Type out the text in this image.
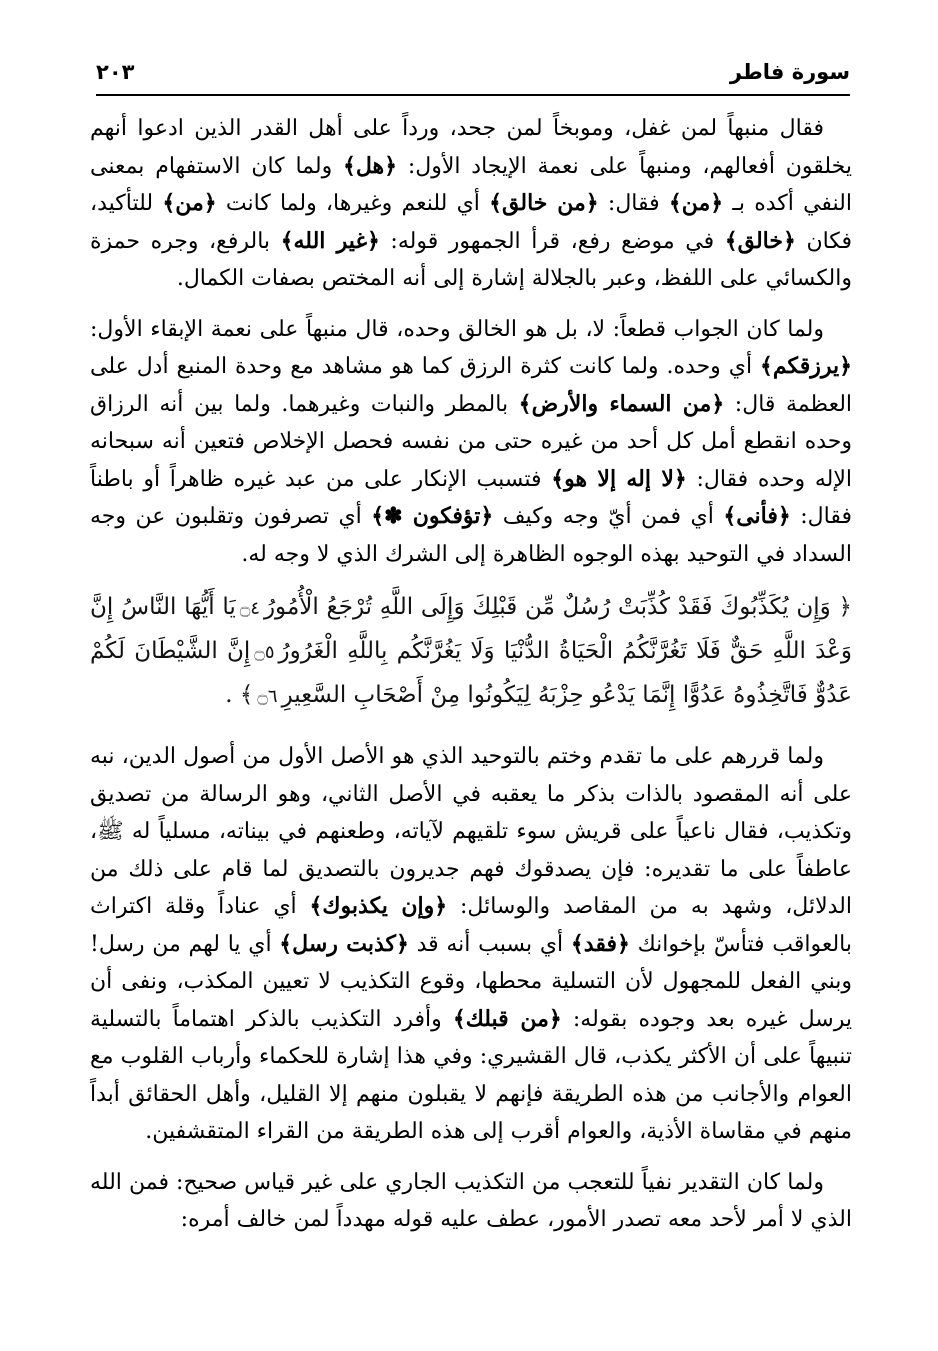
سورة فاطر
٢٠٣

فقال منبهاً لمن غفل، وموبخاً لمن جحد، ورداً على أهل القدر الذين ادعوا أنهم يخلقون أفعالهم، ومنبهاً على نعمة الإيجاد الأول: ﴿هل﴾ ولما كان الاستفهام بمعنى النفي أكده بـ ﴿من﴾ فقال: ﴿من خالق﴾ أي للنعم وغيرها، ولما كانت ﴿من﴾ للتأكيد، فكان ﴿خالق﴾ في موضع رفع، قرأ الجمهور قوله: ﴿غير الله﴾ بالرفع، وجره حمزة والكسائي على اللفظ، وعبر بالجلالة إشارة إلى أنه المختص بصفات الكمال.

ولما كان الجواب قطعاً: لا، بل هو الخالق وحده، قال منبهاً على نعمة الإبقاء الأول: ﴿يرزقكم﴾ أي وحده. ولما كانت كثرة الرزق كما هو مشاهد مع وحدة المنبع أدل على العظمة قال: ﴿من السماء والأرض﴾ بالمطر والنبات وغيرهما. ولما بين أنه الرزاق وحده انقطع أمل كل أحد من غيره حتى من نفسه فحصل الإخلاص فتعين أنه سبحانه الإله وحده فقال: ﴿لا إله إلا هو﴾ فتسبب الإنكار على من عبد غيره ظاهراً أو باطناً فقال: ﴿فأنى﴾ أي فمن أيّ وجه وكيف ﴿تؤفكون ✽﴾ أي تصرفون وتقلبون عن وجه السداد في التوحيد بهذه الوجوه الظاهرة إلى الشرك الذي لا وجه له.

﴿ وَإِن يُكَذِّبُوكَ فَقَدْ كُذِّبَتْ رُسُلٌ مِّن قَبْلِكَ وَإِلَى اللَّهِ تُرْجَعُ الْأُمُورُ۝٤يَا أَيُّهَا النَّاسُ إِنَّ وَعْدَ اللَّهِ حَقٌّ فَلَا تَغُرَّنَّكُمُ الْحَيَاةُ الدُّنْيَا وَلَا يَغُرَّنَّكُم بِاللَّهِ الْغَرُورُ۝٥إِنَّ الشَّيْطَانَ لَكُمْ عَدُوٌّ فَاتَّخِذُوهُ عَدُوًّا إِنَّمَا يَدْعُو حِزْبَهُ لِيَكُونُوا مِنْ أَصْحَابِ السَّعِيرِ۝٦﴾ .

ولما قررهم على ما تقدم وختم بالتوحيد الذي هو الأصل الأول من أصول الدين، نبه على أنه المقصود بالذات بذكر ما يعقبه في الأصل الثاني، وهو الرسالة من تصديق وتكذيب، فقال ناعياً على قريش سوء تلقيهم لآياته، وطعنهم في بيناته، مسلياً له ﷺ، عاطفاً على ما تقديره: فإن يصدقوك فهم جديرون بالتصديق لما قام على ذلك من الدلائل، وشهد به من المقاصد والوسائل: ﴿وإن يكذبوك﴾ أي عناداً وقلة اكتراث بالعواقب فتأسّ بإخوانك ﴿فقد﴾ أي بسبب أنه قد ﴿كذبت رسل﴾ أي يا لهم من رسل! وبني الفعل للمجهول لأن التسلية محطها، وقوع التكذيب لا تعيين المكذب، ونفى أن يرسل غيره بعد وجوده بقوله: ﴿من قبلك﴾ وأفرد التكذيب بالذكر اهتماماً بالتسلية تنبيهاً على أن الأكثر يكذب، قال القشيري: وفي هذا إشارة للحكماء وأرباب القلوب مع العوام والأجانب من هذه الطريقة فإنهم لا يقبلون منهم إلا القليل، وأهل الحقائق أبداً منهم في مقاساة الأذية، والعوام أقرب إلى هذه الطريقة من القراء المتقشفين.

ولما كان التقدير نفياً للتعجب من التكذيب الجاري على غير قياس صحيح: فمن الله الذي لا أمر لأحد معه تصدر الأمور، عطف عليه قوله مهدداً لمن خالف أمره:
